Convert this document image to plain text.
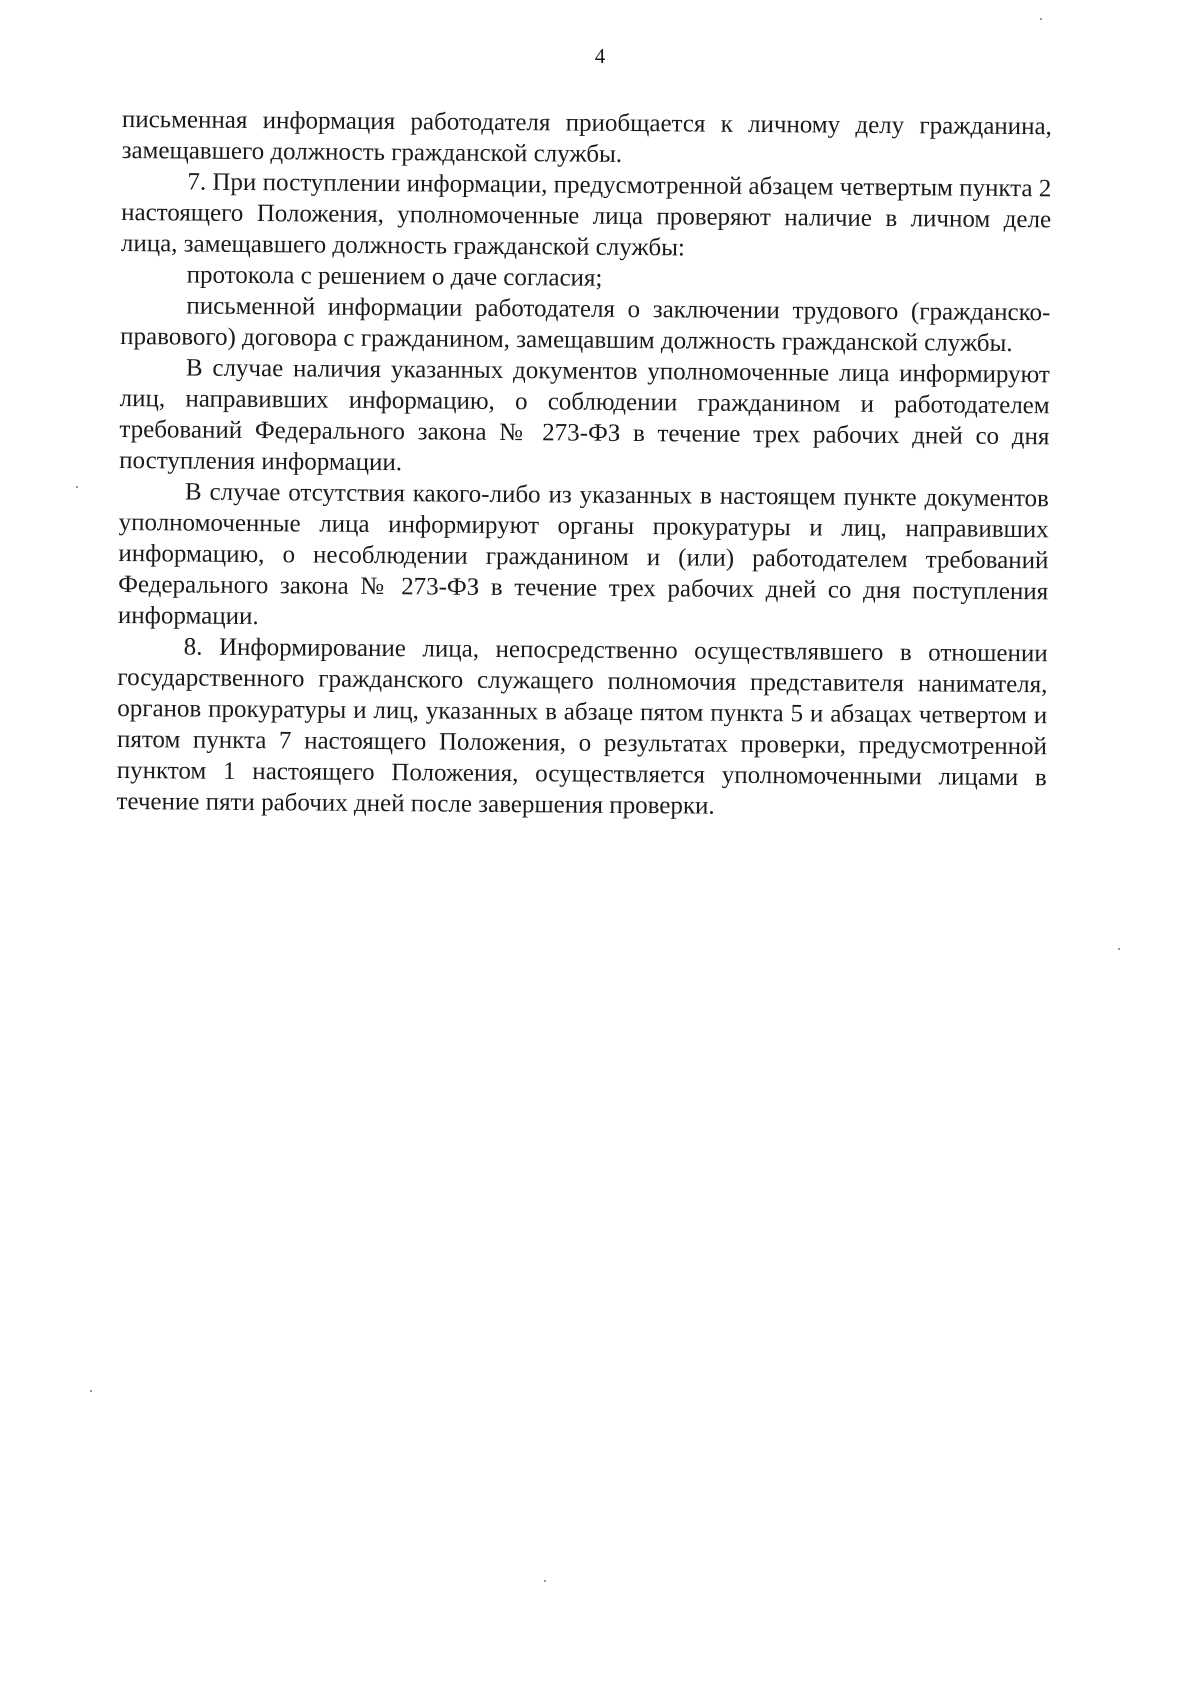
4

письменная информация работодателя приобщается к личному делу гражданина, замещавшего должность гражданской службы.

7. При поступлении информации, предусмотренной абзацем четвертым пункта 2 настоящего Положения, уполномоченные лица проверяют наличие в личном деле лица, замещавшего должность гражданской службы:

протокола с решением о даче согласия;

письменной информации работодателя о заключении трудового (гражданско-правового) договора с гражданином, замещавшим должность гражданской службы.

В случае наличия указанных документов уполномоченные лица информируют лиц, направивших информацию, о соблюдении гражданином и работодателем требований Федерального закона № 273-ФЗ в течение трех рабочих дней со дня поступления информации.

В случае отсутствия какого-либо из указанных в настоящем пункте документов уполномоченные лица информируют органы прокуратуры и лиц, направивших информацию, о несоблюдении гражданином и (или) работодателем требований Федерального закона № 273-ФЗ в течение трех рабочих дней со дня поступления информации.

8. Информирование лица, непосредственно осуществлявшего в отношении государственного гражданского служащего полномочия представителя нанимателя, органов прокуратуры и лиц, указанных в абзаце пятом пункта 5 и абзацах четвертом и пятом пункта 7 настоящего Положения, о результатах проверки, предусмотренной пунктом 1 настоящего Положения, осуществляется уполномоченными лицами в течение пяти рабочих дней после завершения проверки.
